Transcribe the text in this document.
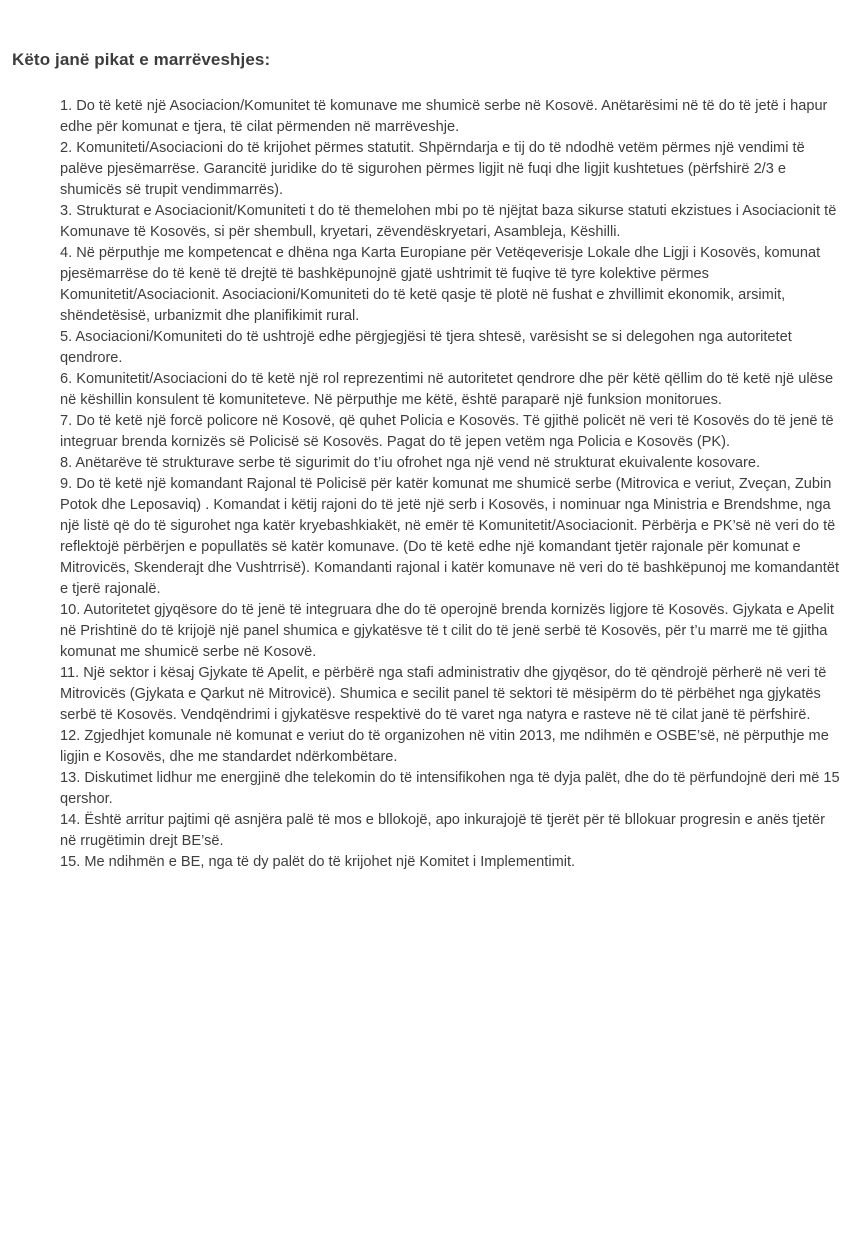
Këto janë pikat e marrëveshjes:
1. Do të ketë një Asociacion/Komunitet të komunave me shumicë serbe në Kosovë. Anëtarësimi në të do të jetë i hapur edhe për komunat e tjera, të cilat përmenden në marrëveshje.
2. Komuniteti/Asociacioni do të krijohet përmes statutit. Shpërndarja e tij do të ndodhë vetëm përmes një vendimi të palëve pjesëmarrëse. Garancitë juridike do të sigurohen përmes ligjit në fuqi dhe ligjit kushtetues (përfshirë 2/3 e shumicës së trupit vendimmarrës).
3. Strukturat e Asociacionit/Komuniteti t do të themelohen mbi po të njëjtat baza sikurse statuti ekzistues i Asociacionit të Komunave të Kosovës, si për shembull, kryetari, zëvendëskryetari, Asambleja, Këshilli.
4. Në përputhje me kompetencat e dhëna nga Karta Europiane për Vetëqeverisje Lokale dhe Ligji i Kosovës, komunat pjesëmarrëse do të kenë të drejtë të bashkëpunojnë gjatë ushtrimit të fuqive të tyre kolektive përmes Komunitetit/Asociacionit. Asociacioni/Komuniteti do të ketë qasje të plotë në fushat e zhvillimit ekonomik, arsimit, shëndetësisë, urbanizmit dhe planifikimit rural.
5. Asociacioni/Komuniteti do të ushtrojë edhe përgjegjësi të tjera shtesë, varësisht se si delegohen nga autoritetet qendrore.
6. Komunitetit/Asociacioni do të ketë një rol reprezentimi në autoritetet qendrore dhe për këtë qëllim do të ketë një ulëse në këshillin konsulent të komuniteteve. Në përputhje me këtë, është paraparë një funksion monitorues.
7. Do të ketë një forcë policore në Kosovë, që quhet Policia e Kosovës. Të gjithë policët në veri të Kosovës do të jenë të integruar brenda kornizës së Policisë së Kosovës. Pagat do të jepen vetëm nga Policia e Kosovës (PK).
8. Anëtarëve të strukturave serbe të sigurimit do t’iu ofrohet nga një vend në strukturat ekuivalente kosovare.
9. Do të ketë një komandant Rajonal të Policisë për katër komunat me shumicë serbe (Mitrovica e veriut, Zveçan, Zubin Potok dhe Leposaviq) . Komandat i këtij rajoni do të jetë një serb i Kosovës, i nominuar nga Ministria e Brendshme, nga një listë që do të sigurohet nga katër kryebashkiakët, në emër të Komunitetit/Asociacionit. Përbërja e PK’së në veri do të reflektojë përbërjen e popullatës së katër komunave. (Do të ketë edhe një komandant tjetër rajonale për komunat e Mitrovicës, Skenderajt dhe Vushtrrisë). Komandanti rajonal i katër komunave në veri do të bashkëpunoj me komandantët e tjerë rajonalë.
10. Autoritetet gjyqësore do të jenë të integruara dhe do të operojnë brenda kornizës ligjore të Kosovës. Gjykata e Apelit në Prishtinë do të krijojë një panel shumica e gjykatësve të t cilit do të jenë serbë të Kosovës, për t’u marrë me të gjitha komunat me shumicë serbe në Kosovë.
11. Një sektor i kësaj Gjykate të Apelit, e përbërë nga stafi administrativ dhe gjyqësor, do të qëndrojë përherë në veri të Mitrovicës (Gjykata e Qarkut në Mitrovicë). Shumica e secilit panel të sektori të mësipërm do të përbëhet nga gjykatës serbë të Kosovës. Vendqëndrimi i gjykatësve respektivë do të varet nga natyra e rasteve në të cilat janë të përfshirë.
12. Zgjedhjet komunale në komunat e veriut do të organizohen në vitin 2013, me ndihmën e OSBE’së, në përputhje me ligjin e Kosovës, dhe me standardet ndërkombëtare.
13. Diskutimet lidhur me energjinë dhe telekomin do të intensifikohen nga të dyja palët, dhe do të përfundojnë deri më 15 qershor.
14. Është arritur pajtimi që asnjëra palë të mos e bllokojë, apo inkurajojë të tjerët për të bllokuar progresin e anës tjetër në rrugëtimin drejt BE’së.
15. Me ndihmën e BE, nga të dy palët do të krijohet një Komitet i Implementimit.
